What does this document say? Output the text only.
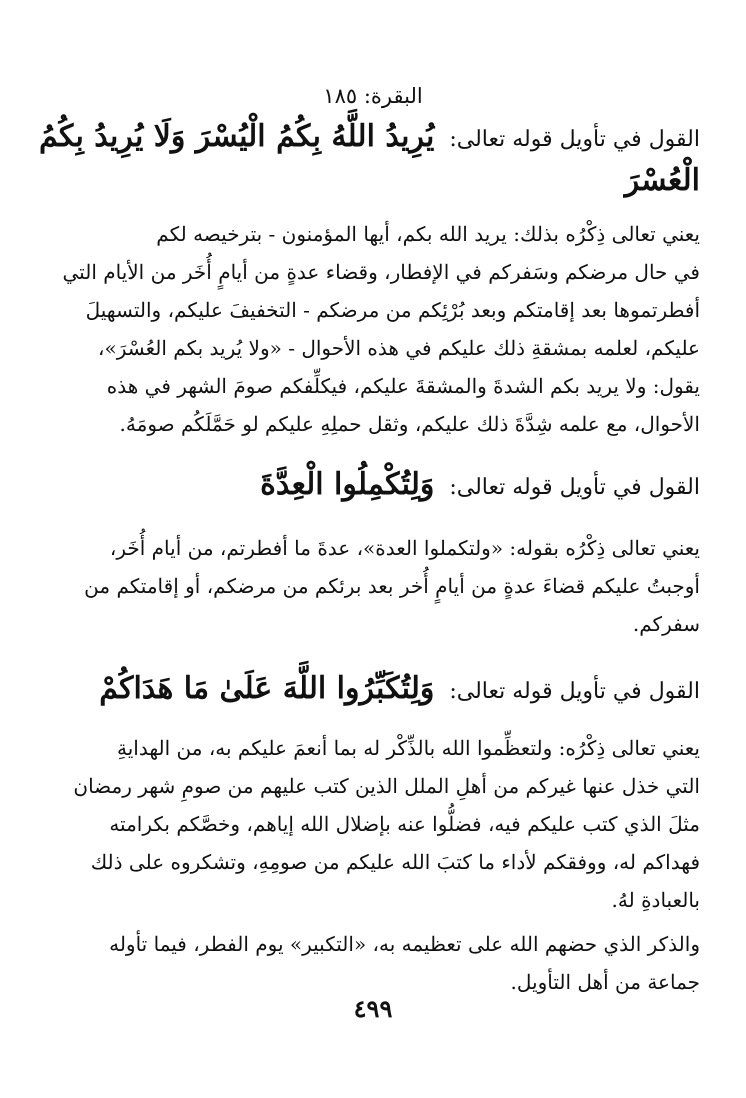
البقرة: ١٨٥
القول في تأويل قوله تعالى: يُرِيدُ اللَّهُ بِكُمُ الْيُسْرَ وَلَا يُرِيدُ بِكُمُ
الْعُسْرَ

يعني تعالى ذِكْرُه بذلك: يريد الله بكم، أيها المؤمنون - بترخيصه لكم

في حال مرضكم وسَفركم في الإفطار، وقضاء عدةٍ من أيامٍ أُخَر من الأيام التي

أفطرتموها بعد إقامتكم وبعد بُرْئِكم من مرضكم - التخفيفَ عليكم، والتسهيلَ

عليكم، لعلمه بمشقةِ ذلك عليكم في هذه الأحوال - «ولا يُريد بكم العُسْرَ»،

يقول: ولا يريد بكم الشدةَ والمشقةَ عليكم، فيكلِّفكم صومَ الشهر في هذه

الأحوال، مع علمه شِدَّةَ ذلك عليكم، وثقل حملِهِ عليكم لو حَمَّلَكُم صومَهُ.

القول في تأويل قوله تعالى: وَلِتُكْمِلُوا الْعِدَّةَ

يعني تعالى ذِكْرُه بقوله: «ولتكملوا العدة»، عدةَ ما أفطرتم، من أيام أُخَر،

أوجبتُ عليكم قضاءَ عدةٍ من أيامٍ أُخر بعد برئكم من مرضكم، أو إقامتكم من

سفركم.

القول في تأويل قوله تعالى: وَلِتُكَبِّرُوا اللَّهَ عَلَىٰ مَا هَدَاكُمْ

يعني تعالى ذِكْرُه: ولتعظِّموا الله بالذِّكْر له بما أنعمَ عليكم به، من الهدايةِ

التي خذل عنها غيركم من أهلِ الملل الذين كتب عليهم من صومِ شهر رمضان

مثلَ الذي كتب عليكم فيه، فضلُّوا عنه بإضلال الله إياهم، وخصَّكم بكرامته

فهداكم له، ووفقكم لأداء ما كتبَ الله عليكم من صومِهِ، وتشكروه على ذلك

بالعبادةِ لهُ.

والذكر الذي حضهم الله على تعظيمه به، «التكبير» يوم الفطر، فيما تأوله

جماعة من أهل التأويل.

٤٩٩
